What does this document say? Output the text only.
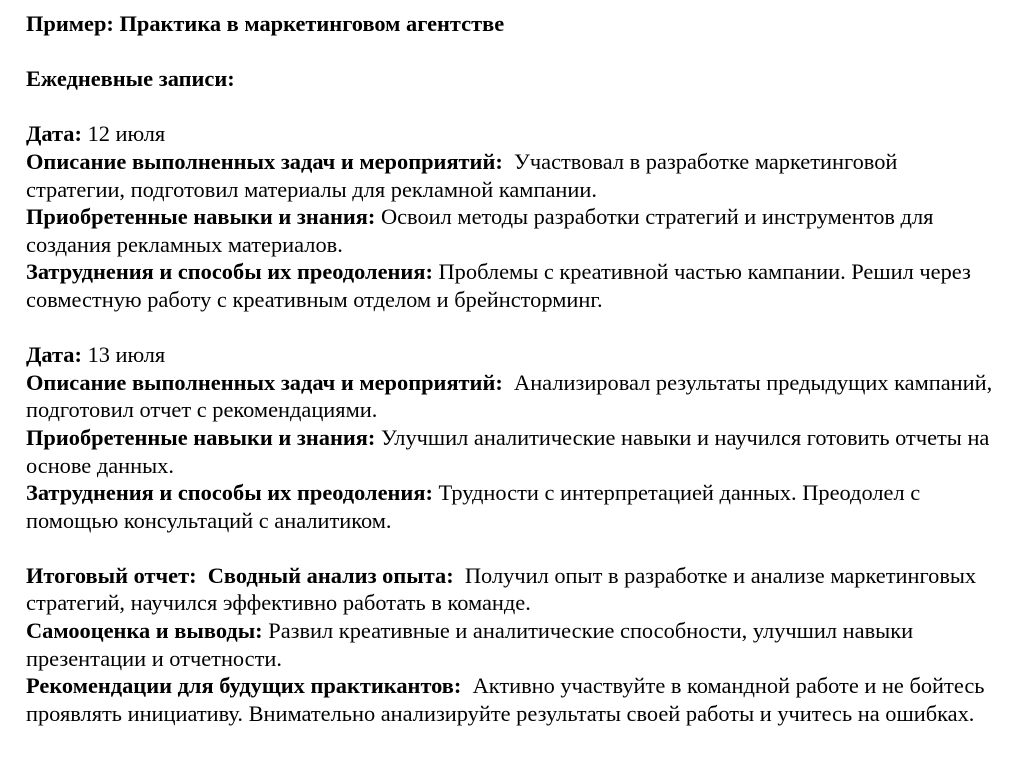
Пример: Практика в маркетинговом агентстве

Ежедневные записи:

Дата: 12 июля

Описание выполненных задач и мероприятий: Участвовал в разработке маркетинговой стратегии, подготовил материалы для рекламной кампании.

Приобретенные навыки и знания: Освоил методы разработки стратегий и инструментов для создания рекламных материалов.

Затруднения и способы их преодоления: Проблемы с креативной частью кампании. Решил через совместную работу с креативным отделом и брейнсторминг.

Дата: 13 июля

Описание выполненных задач и мероприятий: Анализировал результаты предыдущих кампаний, подготовил отчет с рекомендациями.

Приобретенные навыки и знания: Улучшил аналитические навыки и научился готовить отчеты на основе данных.

Затруднения и способы их преодоления: Трудности с интерпретацией данных. Преодолел с помощью консультаций с аналитиком.

Итоговый отчет: Сводный анализ опыта: Получил опыт в разработке и анализе маркетинговых стратегий, научился эффективно работать в команде.

Самооценка и выводы: Развил креативные и аналитические способности, улучшил навыки презентации и отчетности.

Рекомендации для будущих практикантов: Активно участвуйте в командной работе и не бойтесь проявлять инициативу. Внимательно анализируйте результаты своей работы и учитесь на ошибках.
